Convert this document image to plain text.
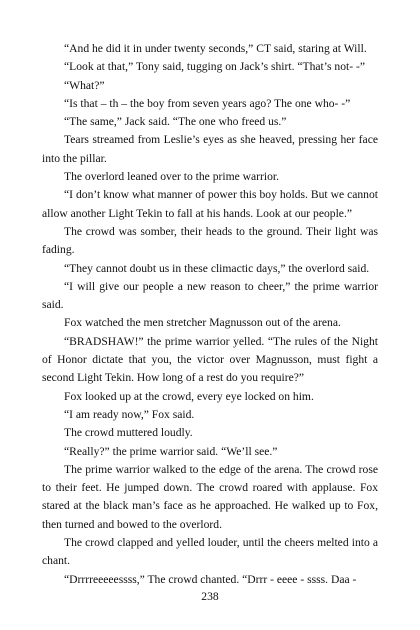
“And he did it in under twenty seconds,” CT said, staring at Will.

“Look at that,” Tony said, tugging on Jack’s shirt. “That’s not- -”

“What?”

“Is that – th – the boy from seven years ago? The one who- -”

“The same,” Jack said. “The one who freed us.”

Tears streamed from Leslie’s eyes as she heaved, pressing her face into the pillar.

The overlord leaned over to the prime warrior.

“I don’t know what manner of power this boy holds. But we cannot allow another Light Tekin to fall at his hands. Look at our people.”

The crowd was somber, their heads to the ground. Their light was fading.

“They cannot doubt us in these climactic days,” the overlord said.

“I will give our people a new reason to cheer,” the prime warrior said.

Fox watched the men stretcher Magnusson out of the arena.

“BRADSHAW!” the prime warrior yelled. “The rules of the Night of Honor dictate that you, the victor over Magnusson, must fight a second Light Tekin. How long of a rest do you require?”

Fox looked up at the crowd, every eye locked on him.

“I am ready now,” Fox said.

The crowd muttered loudly.

“Really?” the prime warrior said. “We’ll see.”

The prime warrior walked to the edge of the arena. The crowd rose to their feet. He jumped down. The crowd roared with applause. Fox stared at the black man’s face as he approached. He walked up to Fox, then turned and bowed to the overlord.

The crowd clapped and yelled louder, until the cheers melted into a chant.

“Drrrreeeeessss,” The crowd chanted. “Drrr - eeee - ssss. Daa -

238
